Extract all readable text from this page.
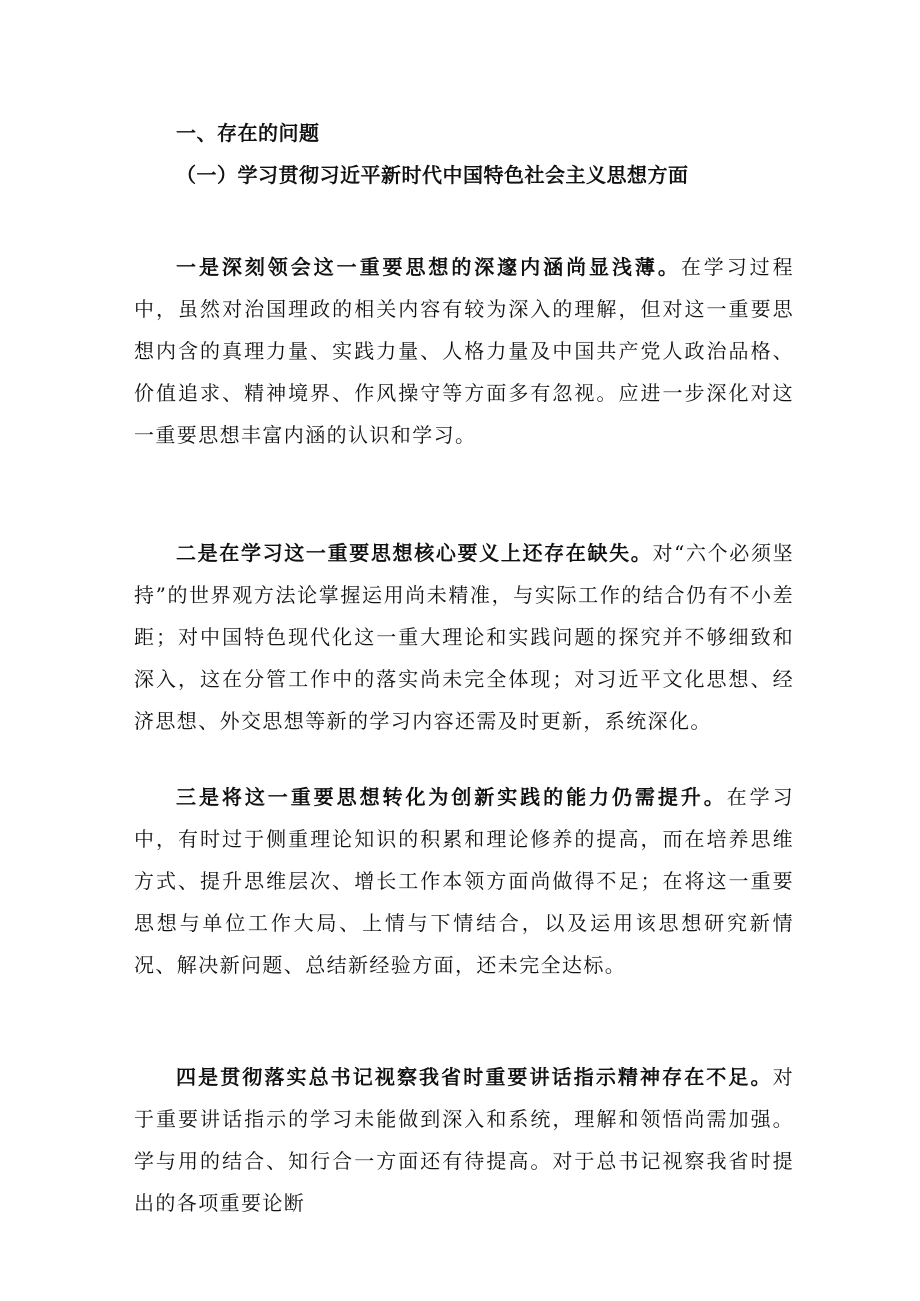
一、存在的问题
（一）学习贯彻习近平新时代中国特色社会主义思想方面

一是深刻领会这一重要思想的深邃内涵尚显浅薄。在学习过程中，虽然对治国理政的相关内容有较为深入的理解，但对这一重要思想内含的真理力量、实践力量、人格力量及中国共产党人政治品格、价值追求、精神境界、作风操守等方面多有忽视。应进一步深化对这一重要思想丰富内涵的认识和学习。

二是在学习这一重要思想核心要义上还存在缺失。对“六个必须坚持”的世界观方法论掌握运用尚未精准，与实际工作的结合仍有不小差距；对中国特色现代化这一重大理论和实践问题的探究并不够细致和深入，这在分管工作中的落实尚未完全体现；对习近平文化思想、经济思想、外交思想等新的学习内容还需及时更新，系统深化。

三是将这一重要思想转化为创新实践的能力仍需提升。在学习中，有时过于侧重理论知识的积累和理论修养的提高，而在培养思维方式、提升思维层次、增长工作本领方面尚做得不足；在将这一重要思想与单位工作大局、上情与下情结合，以及运用该思想研究新情况、解决新问题、总结新经验方面，还未完全达标。

四是贯彻落实总书记视察我省时重要讲话指示精神存在不足。对于重要讲话指示的学习未能做到深入和系统，理解和领悟尚需加强。学与用的结合、知行合一方面还有待提高。对于总书记视察我省时提出的各项重要论断
